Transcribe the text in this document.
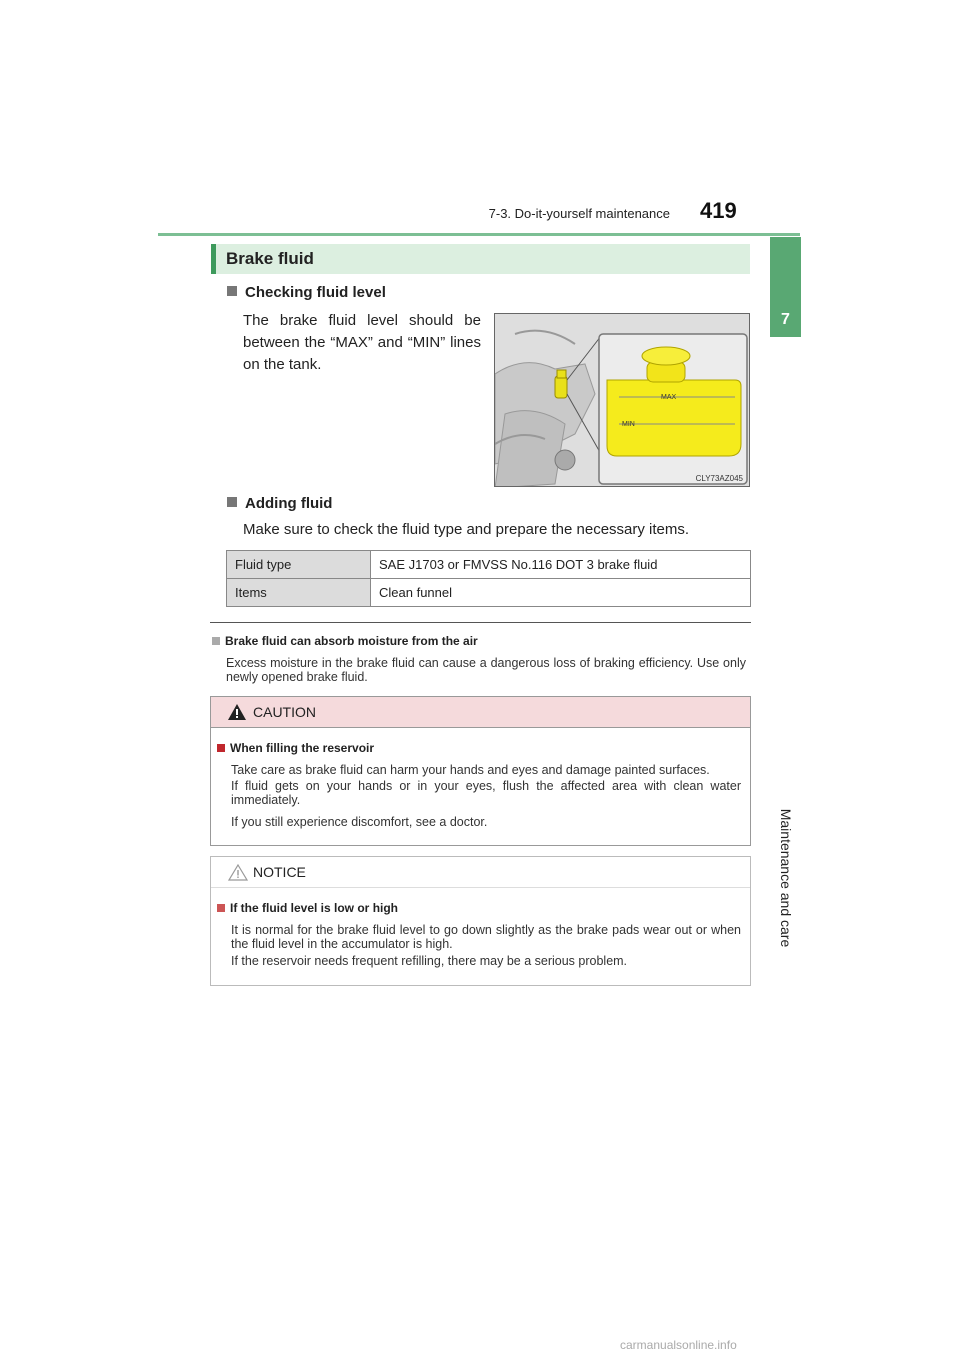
7-3. Do-it-yourself maintenance 419
7
Maintenance and care
Brake fluid
Checking fluid level
The brake fluid level should be between the “MAX” and “MIN” lines on the tank.
MAX
MIN
CLY73AZ045
Adding fluid
Make sure to check the fluid type and prepare the necessary items.
Fluid type	SAE J1703 or FMVSS No.116 DOT 3 brake fluid
Items	Clean funnel
Brake fluid can absorb moisture from the air
Excess moisture in the brake fluid can cause a dangerous loss of braking efficiency. Use only newly opened brake fluid.
CAUTION
When filling the reservoir
Take care as brake fluid can harm your hands and eyes and damage painted surfaces.
If fluid gets on your hands or in your eyes, flush the affected area with clean water immediately.
If you still experience discomfort, see a doctor.
NOTICE
If the fluid level is low or high
It is normal for the brake fluid level to go down slightly as the brake pads wear out or when the fluid level in the accumulator is high.
If the reservoir needs frequent refilling, there may be a serious problem.
carmanualsonline.info
